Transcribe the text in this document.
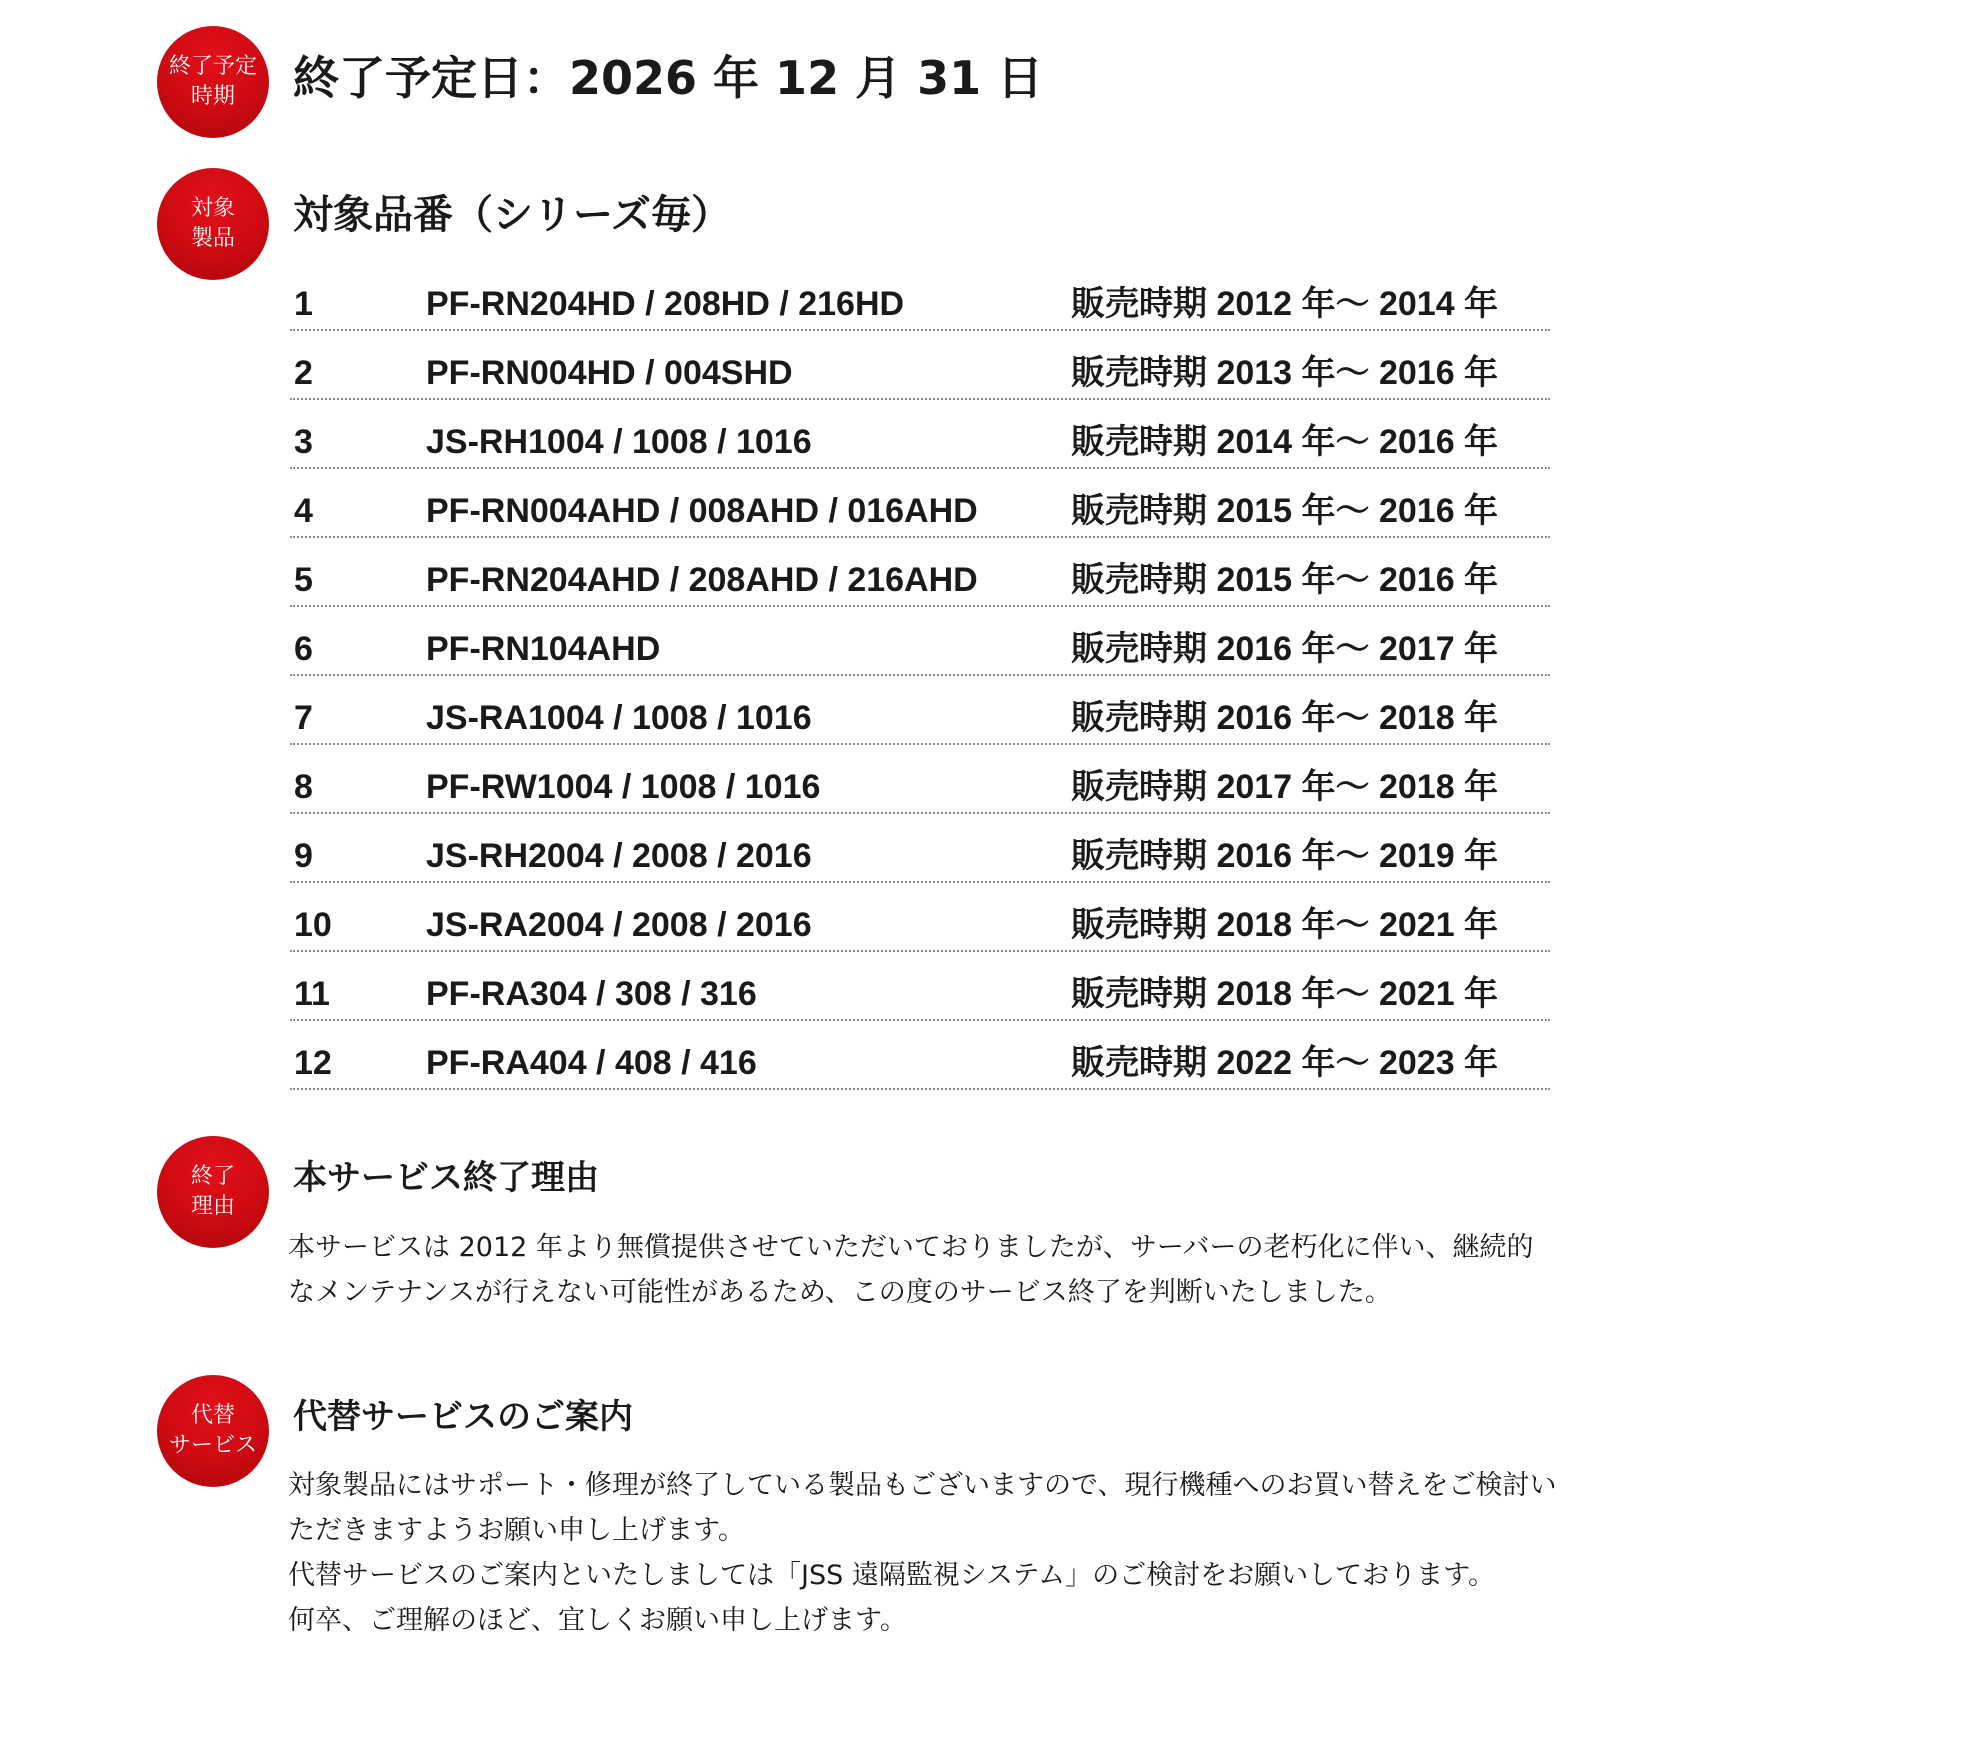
終了予定
時期 終了予定日：2026 年 12 月 31 日
対象
製品
対象品番（シリーズ毎）
1	PF-RN204HD / 208HD / 216HD	販売時期 2012 年〜 2014 年
2	PF-RN004HD / 004SHD	販売時期 2013 年〜 2016 年
3	JS-RH1004 / 1008 / 1016	販売時期 2014 年〜 2016 年
4	PF-RN004AHD / 008AHD / 016AHD	販売時期 2015 年〜 2016 年
5	PF-RN204AHD / 208AHD / 216AHD	販売時期 2015 年〜 2016 年
6	PF-RN104AHD	販売時期 2016 年〜 2017 年
7	JS-RA1004 / 1008 / 1016	販売時期 2016 年〜 2018 年
8	PF-RW1004 / 1008 / 1016	販売時期 2017 年〜 2018 年
9	JS-RH2004 / 2008 / 2016	販売時期 2016 年〜 2019 年
10	JS-RA2004 / 2008 / 2016	販売時期 2018 年〜 2021 年
11	PF-RA304 / 308 / 316	販売時期 2018 年〜 2021 年
12	PF-RA404 / 408 / 416	販売時期 2022 年〜 2023 年
終了
理由
本サービス終了理由

本サービスは 2012 年より無償提供させていただいておりましたが、サーバーの老朽化に伴い、継続的なメンテナンスが行えない可能性があるため、この度のサービス終了を判断いたしました。

代替
サービス
代替サービスのご案内

対象製品にはサポート・修理が終了している製品もございますので、現行機種へのお買い替えをご検討いただきますようお願い申し上げます。

代替サービスのご案内といたしましては「JSS 遠隔監視システム」のご検討をお願いしております。

何卒、ご理解のほど、宜しくお願い申し上げます。
